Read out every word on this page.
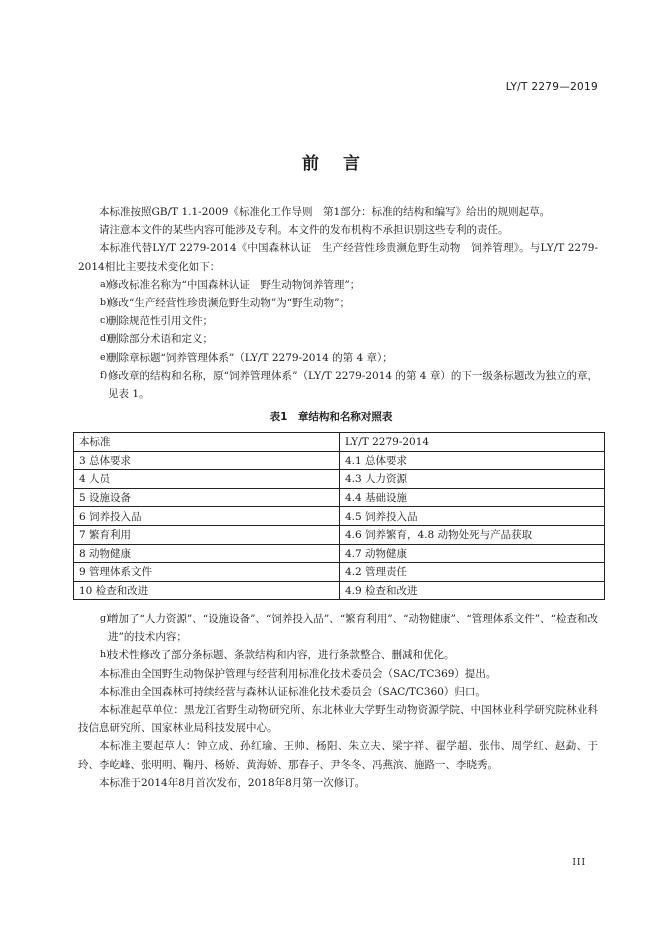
LY/T 2279—2019
前言
本标准按照GB/T 1.1-2009《标准化工作导则　第1部分：标准的结构和编写》给出的规则起草。
请注意本文件的某些内容可能涉及专利。本文件的发布机构不承担识别这些专利的责任。
本标准代替LY/T 2279-2014《中国森林认证　生产经营性珍贵濒危野生动物　饲养管理》。与LY/T 2279-2014相比主要技术变化如下：
a)
修改标准名称为“中国森林认证　野生动物饲养管理”；
b)
修改“生产经营性珍贵濒危野生动物”为“野生动物”；
c)
删除规范性引用文件；
d)
删除部分术语和定义；
e)
删除章标题“饲养管理体系”（LY/T 2279-2014 的第 4 章）；
f) 修改章的结构和名称，原“饲养管理体系”（LY/T 2279-2014 的第 4 章）的下一级条标题改为独立的章，见表 1。
表1　章结构和名称对照表
本标准	LY/T 2279-2014
3 总体要求	4.1 总体要求
4 人员	4.3 人力资源
5 设施设备	4.4 基础设施
6 饲养投入品	4.5 饲养投入品
7 繁育利用	4.6 饲养繁育，4.8 动物处死与产品获取
8 动物健康	4.7 动物健康
9 管理体系文件	4.2 管理责任
10 检查和改进	4.9 检查和改进
g)
增加了“人力资源”、“设施设备”、“饲养投入品”、“繁育利用”、“动物健康”、“管理体系文件”、“检查和改进”的技术内容；
h)
技术性修改了部分条标题、条款结构和内容，进行条款整合、删减和优化。
本标准由全国野生动物保护管理与经营利用标准化技术委员会（SAC/TC369）提出。
本标准由全国森林可持续经营与森林认证标准化技术委员会（SAC/TC360）归口。
本标准起草单位：黑龙江省野生动物研究所、东北林业大学野生动物资源学院、中国林业科学研究院林业科技信息研究所、国家林业局科技发展中心。
本标准主要起草人：钟立成、孙红瑜、王帅、杨阳、朱立夫、梁宇祥、翟学超、张伟、周学红、赵勐、于玲、李屹峰、张明明、鞠丹、杨娇、黄海娇、那春子、尹冬冬、冯燕滨、施路一、李晓秀。
本标准于2014年8月首次发布，2018年8月第一次修订。
III
